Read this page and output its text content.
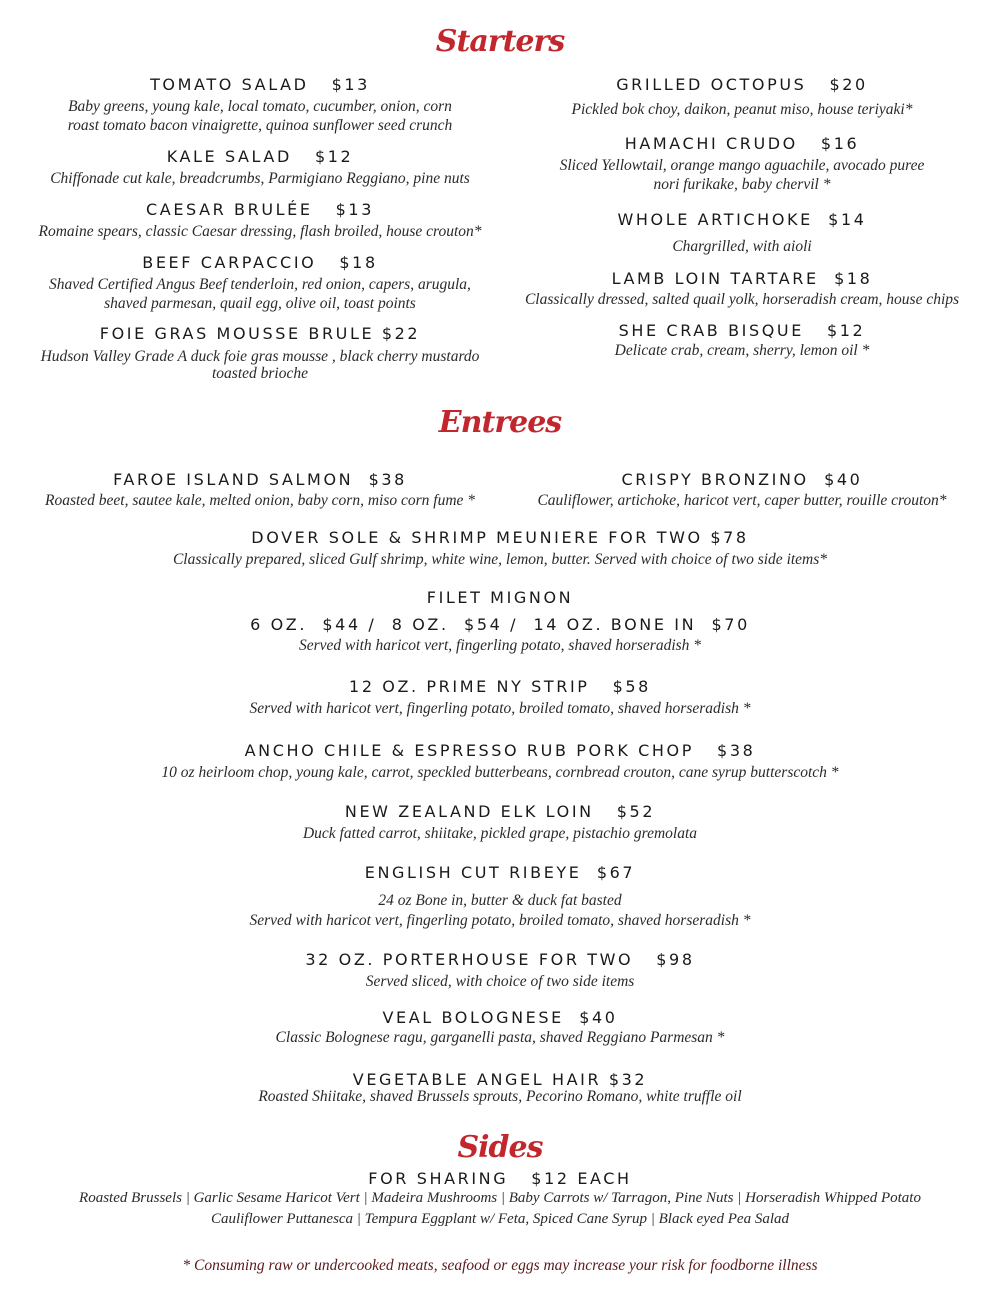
Starters
TOMATO SALAD   $13
Baby greens, young kale, local tomato, cucumber, onion, corn
roast tomato bacon vinaigrette, quinoa sunflower seed crunch
KALE SALAD   $12
Chiffonade cut kale, breadcrumbs, Parmigiano Reggiano, pine nuts
CAESAR BRULÉE   $13
Romaine spears, classic Caesar dressing, flash broiled, house crouton*
BEEF CARPACCIO   $18
Shaved Certified Angus Beef tenderloin, red onion, capers, arugula,
shaved parmesan, quail egg, olive oil, toast points
FOIE GRAS MOUSSE BRULE $22
Hudson Valley Grade A duck foie gras mousse , black cherry mustardo
toasted brioche
GRILLED OCTOPUS   $20
Pickled bok choy, daikon, peanut miso, house teriyaki*
HAMACHI CRUDO   $16
Sliced Yellowtail, orange mango aguachile, avocado puree
nori furikake, baby chervil *
WHOLE ARTICHOKE  $14
Chargrilled, with aioli
LAMB LOIN TARTARE  $18
Classically dressed, salted quail yolk, horseradish cream, house chips
SHE CRAB BISQUE   $12
Delicate crab, cream, sherry, lemon oil *
Entrees
FAROE ISLAND SALMON  $38
Roasted beet, sautee kale, melted onion, baby corn, miso corn fume *
CRISPY BRONZINO  $40
Cauliflower, artichoke, haricot vert, caper butter, rouille crouton*
DOVER SOLE & SHRIMP MEUNIERE FOR TWO $78
Classically prepared, sliced Gulf shrimp, white wine, lemon, butter. Served with choice of two side items*
FILET MIGNON
6 OZ.  $44 /  8 OZ.  $54 /  14 OZ. BONE IN  $70
Served with haricot vert, fingerling potato, shaved horseradish *
12 OZ. PRIME NY STRIP   $58
Served with haricot vert, fingerling potato, broiled tomato, shaved horseradish *
ANCHO CHILE & ESPRESSO RUB PORK CHOP   $38
10 oz heirloom chop, young kale, carrot, speckled butterbeans, cornbread crouton, cane syrup butterscotch *
NEW ZEALAND ELK LOIN   $52
Duck fatted carrot, shiitake, pickled grape, pistachio gremolata
ENGLISH CUT RIBEYE  $67
24 oz Bone in, butter & duck fat basted
Served with haricot vert, fingerling potato, broiled tomato, shaved horseradish *
32 OZ. PORTERHOUSE FOR TWO   $98
Served sliced, with choice of two side items
VEAL BOLOGNESE  $40
Classic Bolognese ragu, garganelli pasta, shaved Reggiano Parmesan *
VEGETABLE ANGEL HAIR $32
Roasted Shiitake, shaved Brussels sprouts, Pecorino Romano, white truffle oil
Sides
FOR SHARING   $12 EACH
Roasted Brussels | Garlic Sesame Haricot Vert | Madeira Mushrooms | Baby Carrots w/ Tarragon, Pine Nuts | Horseradish Whipped Potato
Cauliflower Puttanesca | Tempura Eggplant w/ Feta, Spiced Cane Syrup | Black eyed Pea Salad
* Consuming raw or undercooked meats, seafood or eggs may increase your risk for foodborne illness
